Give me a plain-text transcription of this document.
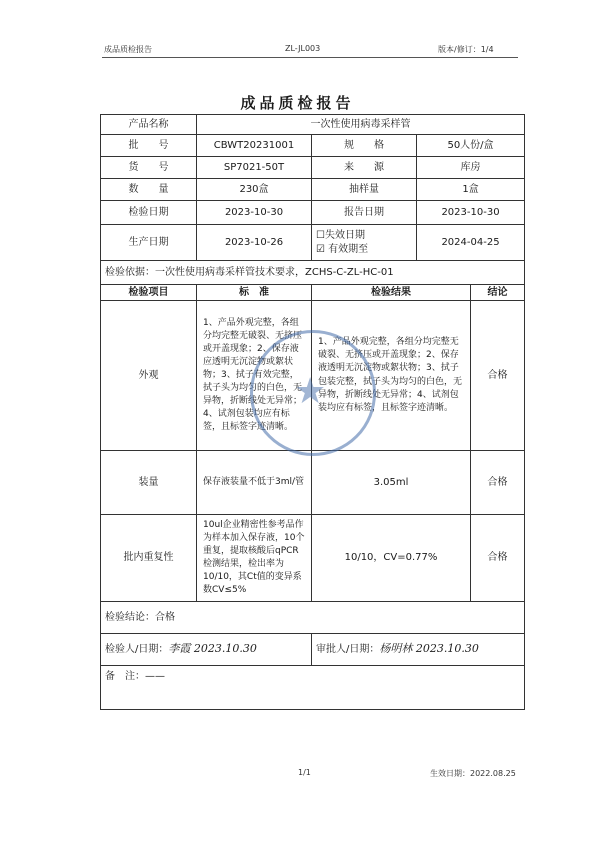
成品质检报告	ZL-JL003	版本/修订：1/4
成品质检报告
产品名称	一次性使用病毒采样管			
批　　号	CBWT20231001	规　　格	50人份/盒	
货　　号	SP7021-50T	来　　源	库房	
数　　量	230盒	抽样量	1盒	
检验日期	2023-10-30	报告日期	2023-10-30	
生产日期	2023-10-26	☐失效日期
☑ 有效期至	2024-04-25	
检验依据：一次性使用病毒采样管技术要求，ZCHS-C-ZL-HC-01				
检验项目	标　准	检验结果		结论
外观	1、产品外观完整，各组分均完整无破裂、无挤压或开盖现象；2、保存液应透明无沉淀物或絮状物；3、拭子有效完整，拭子头为均匀的白色，无异物，折断线处无异常；4、试剂包装均应有标签，且标签字迹清晰。	1、产品外观完整，各组分均完整无破裂、无挤压或开盖现象；2、保存液透明无沉淀物或絮状物；3、拭子包装完整，拭子头为均匀的白色，无异物，折断线处无异常；4、试剂包装均应有标签，且标签字迹清晰。		合格
装量	保存液装量不低于3ml/管	3.05ml		合格
批内重复性	10ul企业精密性参考品作为样本加入保存液，10个重复，提取核酸后qPCR检测结果，检出率为10/10，其Ct值的变异系数CV≤5%	10/10，CV=0.77%		合格
检验结论：合格				
检验人/日期：李霞 2023.10.30		审批人/日期：杨明林 2023.10.30		
备　注：——				
★
1/1	生效日期：2022.08.25
